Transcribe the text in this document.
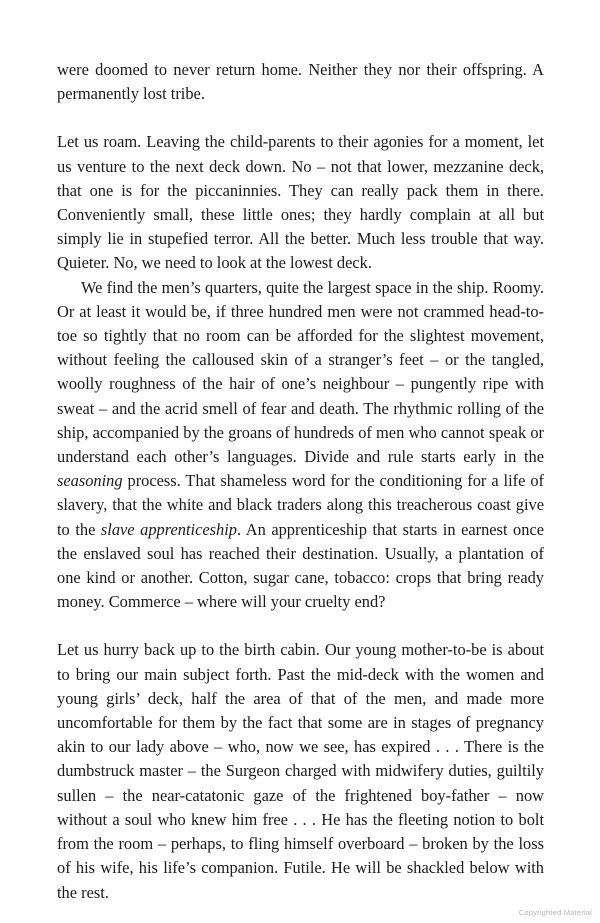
were doomed to never return home. Neither they nor their offspring. A permanently lost tribe.

Let us roam. Leaving the child-parents to their agonies for a moment, let us venture to the next deck down. No – not that lower, mezzanine deck, that one is for the piccaninnies. They can really pack them in there. Conveniently small, these little ones; they hardly complain at all but simply lie in stupefied terror. All the better. Much less trouble that way. Quieter. No, we need to look at the lowest deck.

We find the men’s quarters, quite the largest space in the ship. Roomy. Or at least it would be, if three hundred men were not crammed head-to-toe so tightly that no room can be afforded for the slightest movement, without feeling the calloused skin of a stranger’s feet – or the tangled, woolly roughness of the hair of one’s neighbour – pungently ripe with sweat – and the acrid smell of fear and death. The rhythmic rolling of the ship, accompanied by the groans of hundreds of men who cannot speak or understand each other’s languages. Divide and rule starts early in the seasoning process. That shameless word for the conditioning for a life of slavery, that the white and black traders along this treacherous coast give to the slave apprenticeship. An apprenticeship that starts in earnest once the enslaved soul has reached their destination. Usually, a plantation of one kind or another. Cotton, sugar cane, tobacco: crops that bring ready money. Commerce – where will your cruelty end?

Let us hurry back up to the birth cabin. Our young mother-to-be is about to bring our main subject forth. Past the mid-deck with the women and young girls’ deck, half the area of that of the men, and made more uncomfortable for them by the fact that some are in stages of pregnancy akin to our lady above – who, now we see, has expired . . . There is the dumbstruck master – the Surgeon charged with midwifery duties, guiltily sullen – the near-catatonic gaze of the frightened boy-father – now without a soul who knew him free . . . He has the fleeting notion to bolt from the room – perhaps, to fling himself overboard – broken by the loss of his wife, his life’s companion. Futile. He will be shackled below with the rest.

Copyrighted Material
